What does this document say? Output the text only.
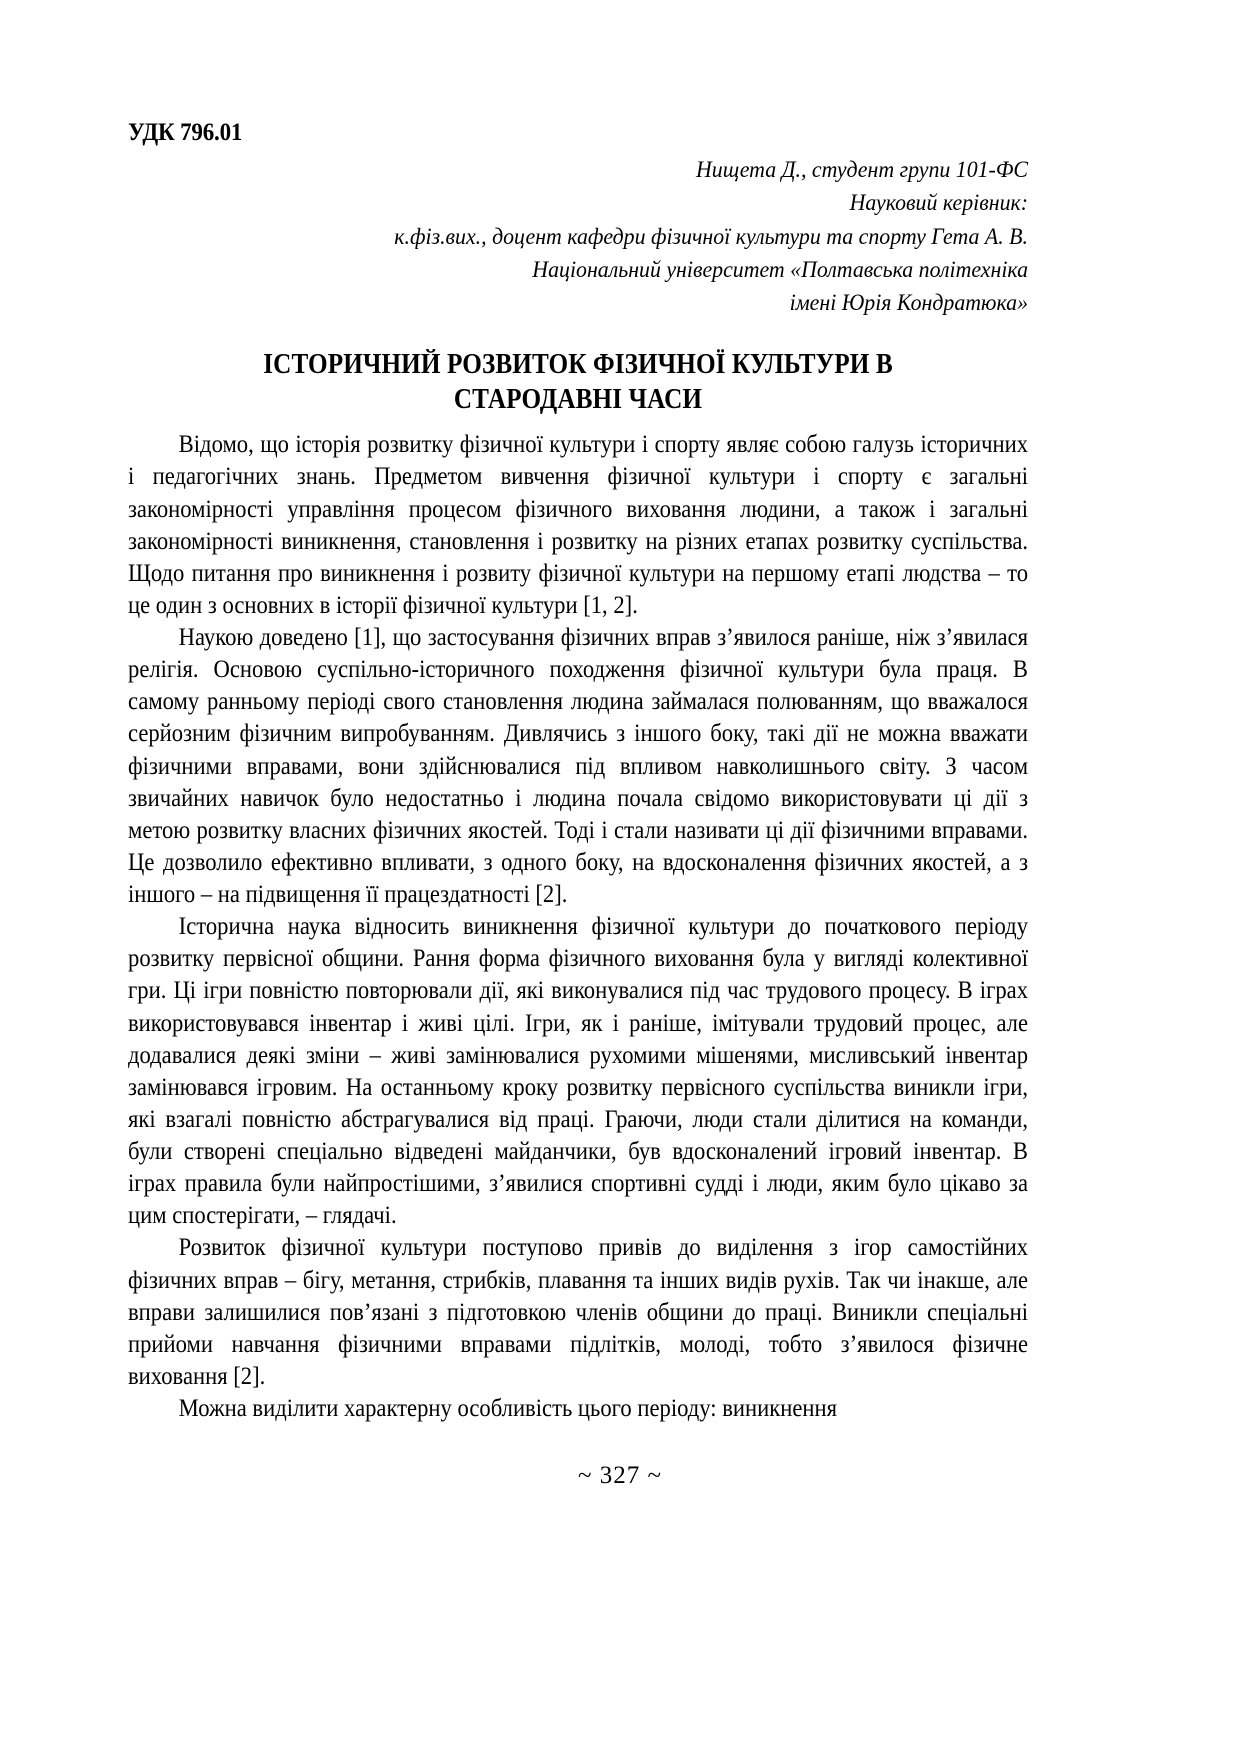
УДК 796.01
Нищета Д., студент групи 101-ФС
Науковий керівник:
к.фіз.вих., доцент кафедри фізичної культури та спорту Гета А. В.
Національний університет «Полтавська політехніка
імені Юрія Кондратюка»
ІСТОРИЧНИЙ РОЗВИТОК ФІЗИЧНОЇ КУЛЬТУРИ В
СТАРОДАВНІ ЧАСИ

Відомо, що історія розвитку фізичної культури і спорту являє собою галузь історичних і педагогічних знань. Предметом вивчення фізичної культури і спорту є загальні закономірності управління процесом фізичного виховання людини, а також і загальні закономірності виникнення, становлення і розвитку на різних етапах розвитку суспільства. Щодо питання про виникнення і розвиту фізичної культури на першому етапі людства – то це один з основних в історії фізичної культури [1, 2].

Наукою доведено [1], що застосування фізичних вправ з’явилося раніше, ніж з’явилася релігія. Основою суспільно-історичного походження фізичної культури була праця. В самому ранньому періоді свого становлення людина займалася полюванням, що вважалося серйозним фізичним випробуванням. Дивлячись з іншого боку, такі дії не можна вважати фізичними вправами, вони здійснювалися під впливом навколишнього світу. З часом звичайних навичок було недостатньо і людина почала свідомо використовувати ці дії з метою розвитку власних фізичних якостей. Тоді і стали називати ці дії фізичними вправами. Це дозволило ефективно впливати, з одного боку, на вдосконалення фізичних якостей, а з іншого – на підвищення її працездатності [2].

Історична наука відносить виникнення фізичної культури до початкового періоду розвитку первісної общини. Рання форма фізичного виховання була у вигляді колективної гри. Ці ігри повністю повторювали дії, які виконувалися під час трудового процесу. В іграх використовувався інвентар і живі цілі. Ігри, як і раніше, імітували трудовий процес, але додавалися деякі зміни – живі замінювалися рухомими мішенями, мисливський інвентар замінювався ігровим. На останньому кроку розвитку первісного суспільства виникли ігри, які взагалі повністю абстрагувалися від праці. Граючи, люди стали ділитися на команди, були створені спеціально відведені майданчики, був вдосконалений ігровий інвентар. В іграх правила були найпростішими, з’явилися спортивні судді і люди, яким було цікаво за цим спостерігати, – глядачі.

Розвиток фізичної культури поступово привів до виділення з ігор самостійних фізичних вправ – бігу, метання, стрибків, плавання та інших видів рухів. Так чи інакше, але вправи залишилися пов’язані з підготовкою членів общини до праці. Виникли спеціальні прийоми навчання фізичними вправами підлітків, молоді, тобто з’явилося фізичне виховання [2].

Можна виділити характерну особливість цього періоду: виникнення

~ 327 ~
